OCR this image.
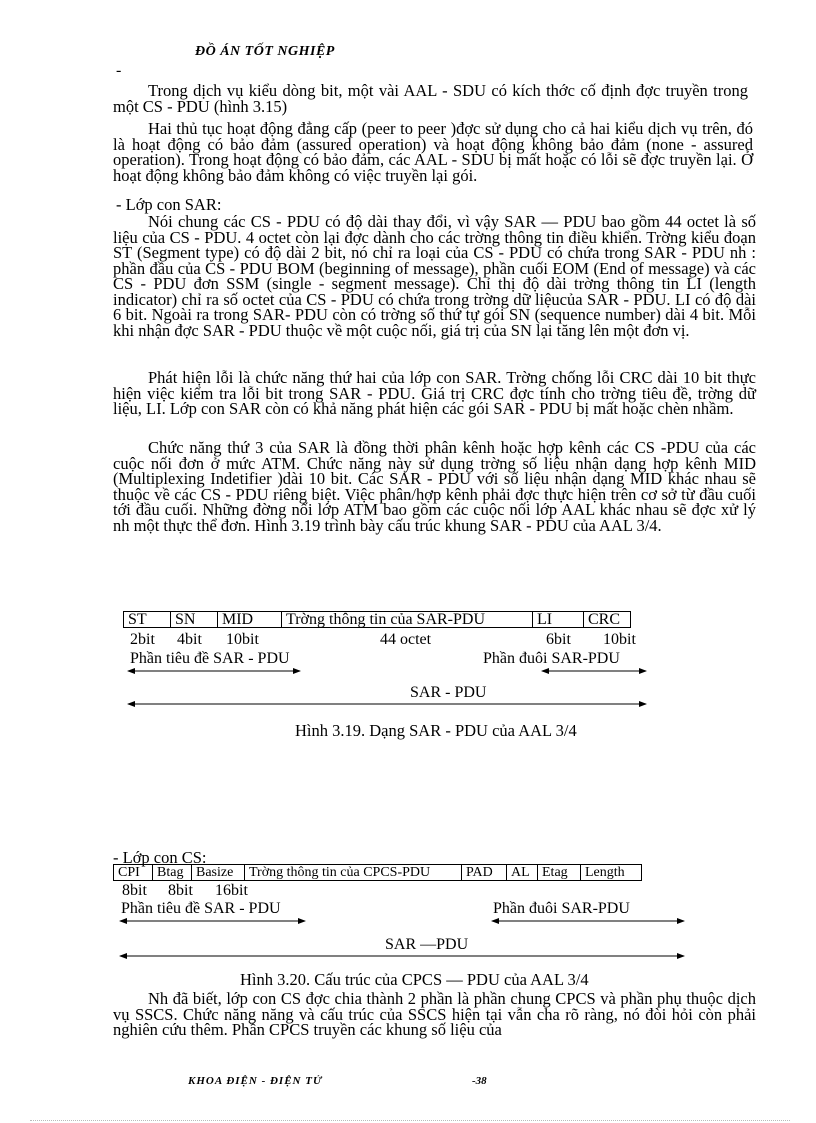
ĐỒ ÁN TỐT NGHIỆP
-
Trong dịch vụ kiểu dòng bit, một vài AAL - SDU có kích thớc cố định đợc truyền trong một CS - PDU (hình 3.15)
Hai thủ tục hoạt động đẳng cấp (peer to peer )đợc sử dụng cho cả hai kiểu dịch vụ trên, đó là hoạt động có bảo đảm (assured operation) và hoạt động không bảo đảm (none - assured operation). Trong hoạt động có bảo đảm, các AAL - SDU bị mất hoặc có lỗi sẽ đợc truyền lại. Ở hoạt động không bảo đảm không có việc truyền lại gói.
- Lớp con SAR:
Nói chung các CS - PDU có độ dài thay đổi, vì vậy SAR — PDU bao gồm 44 octet là số liệu của CS - PDU. 4 octet còn lại đợc dành cho các trờng thông tin điều khiển. Trờng kiểu đoạn ST (Segment type) có độ dài 2 bit, nó chỉ ra loại của CS - PDU có chứa trong SAR - PDU nh : phần đầu của CS - PDU BOM (beginning of message), phần cuối EOM (End of message) và các CS - PDU đơn SSM (single - segment message). Chỉ thị độ dài trờng thông tin LI (length indicator) chỉ ra số octet của CS - PDU có chứa trong trờng dữ liệucủa SAR - PDU. LI có độ dài 6 bit. Ngoài ra trong SAR- PDU còn có trờng số thứ tự gói SN (sequence number) dài 4 bit. Mỗi khi nhận đợc SAR - PDU thuộc về một cuộc nối, giá trị của SN lại tăng lên một đơn vị.
Phát hiện lỗi là chức năng thứ hai của lớp con SAR. Trờng chống lỗi CRC dài 10 bit thực hiện việc kiểm tra lỗi bit trong SAR - PDU. Giá trị CRC đợc tính cho trờng tiêu đề, trờng dữ liệu, LI. Lớp con SAR còn có khả năng phát hiện các gói SAR - PDU bị mất hoặc chèn nhầm.
Chức năng thứ 3 của SAR là đồng thời phân kênh hoặc hợp kênh các CS -PDU của các cuộc nối đơn ở mức ATM. Chức năng này sử dụng trờng số liệu nhận dạng hợp kênh MID (Multiplexing Indetifier )dài 10 bit. Các SAR - PDU với số liệu nhận dạng MID khác nhau sẽ thuộc về các CS - PDU riêng biệt. Việc phân/hợp kênh phải đợc thực hiện trên cơ sở từ đầu cuối tới đầu cuối. Những đờng nối lớp ATM bao gồm các cuộc nối lớp AAL khác nhau sẽ đợc xử lý nh một thực thể đơn. Hình 3.19 trình bày cấu trúc khung SAR - PDU của AAL 3/4.
ST	SN	MID	Trờng thông tin của SAR-PDU	LI	CRC
2bit 4bit 10bit	44 octet	6bit 10bit
Phần tiêu đề SAR - PDU	Phần đuôi SAR-PDU
SAR - PDU
Hình 3.19. Dạng SAR - PDU của AAL 3/4
- Lớp con CS:
CPI	Btag	Basize	Trờng thông tin của CPCS-PDU	PAD	AL	Etag	Length
8bit 8bit 16bit
Phần tiêu đề SAR - PDU	Phần đuôi SAR-PDU
SAR —PDU
Hình 3.20. Cấu trúc của CPCS — PDU của AAL 3/4
Nh đã biết, lớp con CS đợc chia thành 2 phần là phần chung CPCS và phần phụ thuộc dịch vụ SSCS. Chức năng năng và cấu trúc của SSCS hiện tại vẫn cha rõ ràng, nó đòi hỏi còn phải nghiên cứu thêm. Phần CPCS truyền các khung số liệu của
KHOA ĐIỆN - ĐIỆN TỬ	-38
